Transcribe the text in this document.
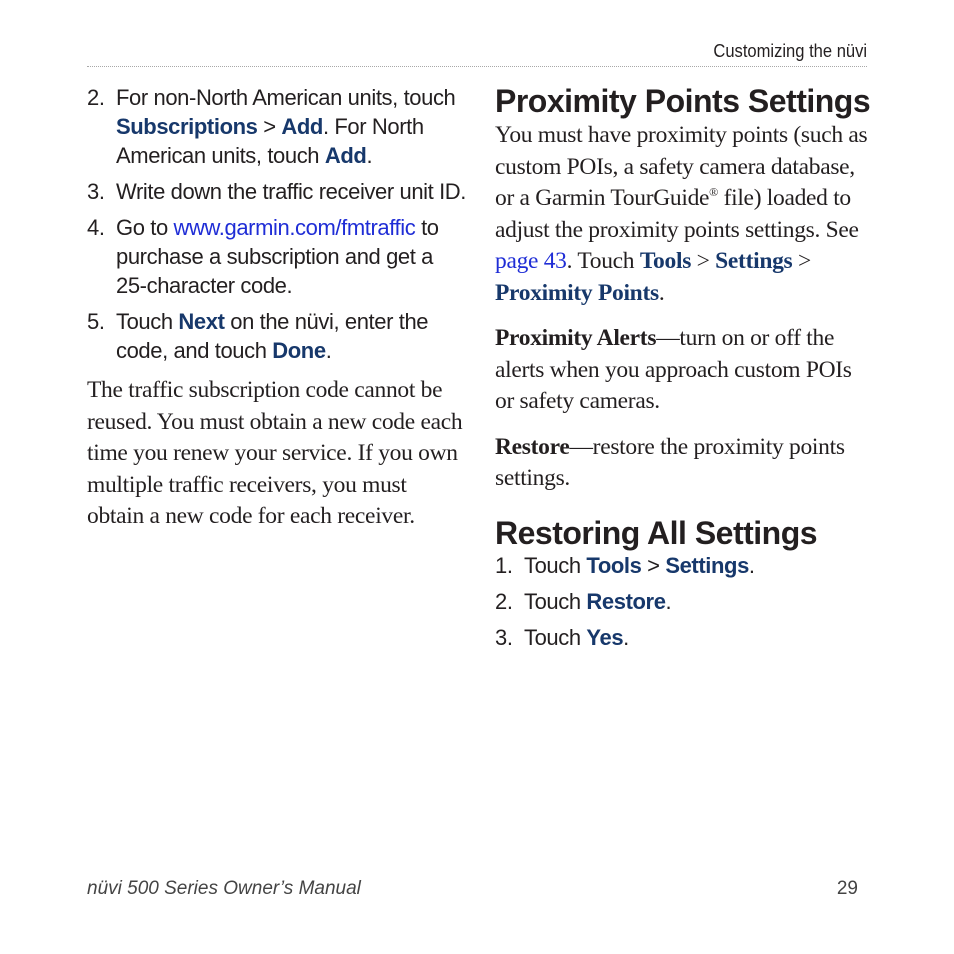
Customizing the nüvi
2. For non-North American units, touch Subscriptions > Add. For North American units, touch Add.
3. Write down the traffic receiver unit ID.
4. Go to www.garmin.com/fmtraffic to purchase a subscription and get a 25-character code.
5. Touch Next on the nüvi, enter the code, and touch Done.

The traffic subscription code cannot be reused. You must obtain a new code each time you renew your service. If you own multiple traffic receivers, you must obtain a new code for each receiver.

Proximity Points Settings

You must have proximity points (such as custom POIs, a safety camera database, or a Garmin TourGuide® file) loaded to adjust the proximity points settings. See page 43. Touch Tools > Settings > Proximity Points.

Proximity Alerts—turn on or off the alerts when you approach custom POIs or safety cameras.

Restore—restore the proximity points settings.

Restoring All Settings
1. Touch Tools > Settings.
2. Touch Restore.
3. Touch Yes.
nüvi 500 Series Owner’s Manual	29
